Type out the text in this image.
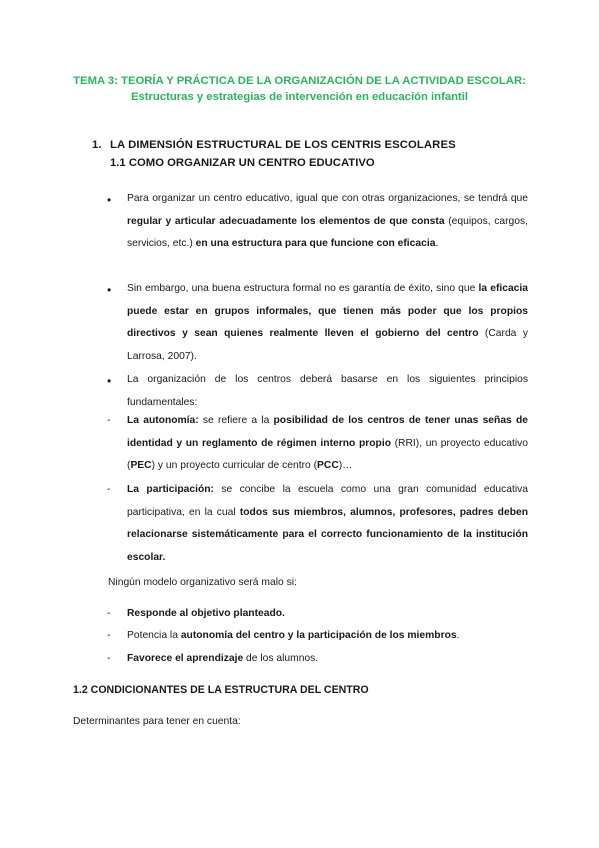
TEMA 3: TEORÍA Y PRÁCTICA DE LA ORGANIZACIÓN DE LA ACTIVIDAD ESCOLAR:
Estructuras y estrategias de intervención en educación infantil
1. LA DIMENSIÓN ESTRUCTURAL DE LOS CENTRIS ESCOLARES
1.1 COMO ORGANIZAR UN CENTRO EDUCATIVO
• Para organizar un centro educativo, igual que con otras organizaciones, se tendrá que regular y articular adecuadamente los elementos de que consta (equipos, cargos, servicios, etc.) en una estructura para que funcione con eficacia.
• Sin embargo, una buena estructura formal no es garantía de éxito, sino que la eficacia puede estar en grupos informales, que tienen más poder que los propios directivos y sean quienes realmente lleven el gobierno del centro (Carda y Larrosa, 2007).
• La organización de los centros deberá basarse en los siguientes principios fundamentales:
- La autonomía: se refiere a la posibilidad de los centros de tener unas señas de identidad y un reglamento de régimen interno propio (RRI), un proyecto educativo (PEC) y un proyecto curricular de centro (PCC)…
- La participación: se concibe la escuela como una gran comunidad educativa participativa, en la cual todos sus miembros, alumnos, profesores, padres deben relacionarse sistemáticamente para el correcto funcionamiento de la institución escolar.
Ningún modelo organizativo será malo si:
- Responde al objetivo planteado.
- Potencia la autonomía del centro y la participación de los miembros.
- Favorece el aprendizaje de los alumnos.
1.2 CONDICIONANTES DE LA ESTRUCTURA DEL CENTRO
Determinantes para tener en cuenta:
